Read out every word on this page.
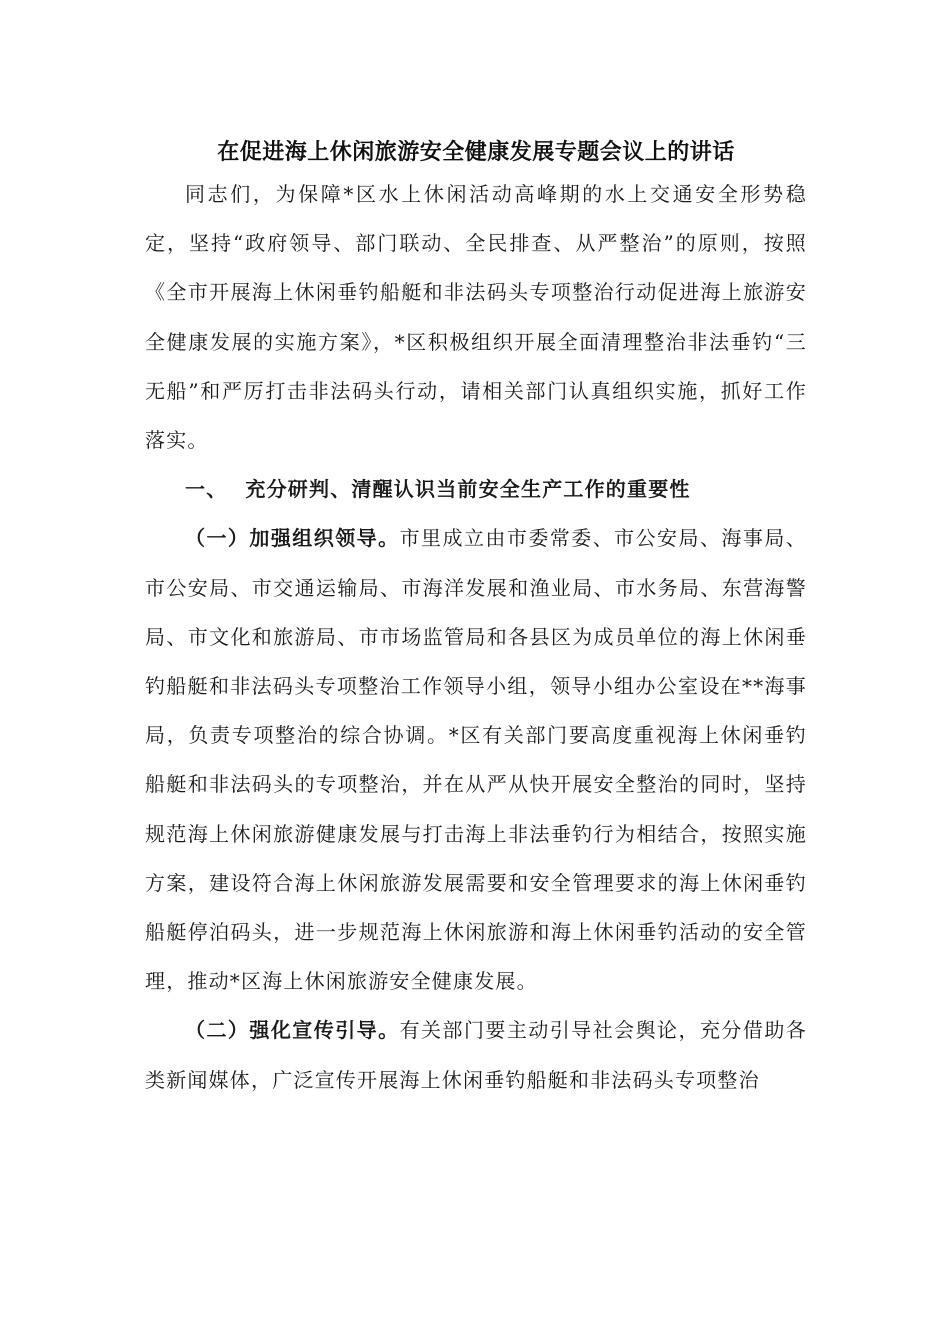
在促进海上休闲旅游安全健康发展专题会议上的讲话

同志们，为保障*区水上休闲活动高峰期的水上交通安全形势稳定，坚持“政府领导、部门联动、全民排查、从严整治”的原则，按照《全市开展海上休闲垂钓船艇和非法码头专项整治行动促进海上旅游安全健康发展的实施方案》，*区积极组织开展全面清理整治非法垂钓“三无船”和严厉打击非法码头行动，请相关部门认真组织实施，抓好工作落实。

一、 充分研判、清醒认识当前安全生产工作的重要性

（一）加强组织领导。市里成立由市委常委、市公安局、海事局、市公安局、市交通运输局、市海洋发展和渔业局、市水务局、东营海警局、市文化和旅游局、市市场监管局和各县区为成员单位的海上休闲垂钓船艇和非法码头专项整治工作领导小组，领导小组办公室设在**海事局，负责专项整治的综合协调。*区有关部门要高度重视海上休闲垂钓船艇和非法码头的专项整治，并在从严从快开展安全整治的同时，坚持规范海上休闲旅游健康发展与打击海上非法垂钓行为相结合，按照实施方案，建设符合海上休闲旅游发展需要和安全管理要求的海上休闲垂钓船艇停泊码头，进一步规范海上休闲旅游和海上休闲垂钓活动的安全管理，推动*区海上休闲旅游安全健康发展。

（二）强化宣传引导。有关部门要主动引导社会舆论，充分借助各类新闻媒体，广泛宣传开展海上休闲垂钓船艇和非法码头专项整治
